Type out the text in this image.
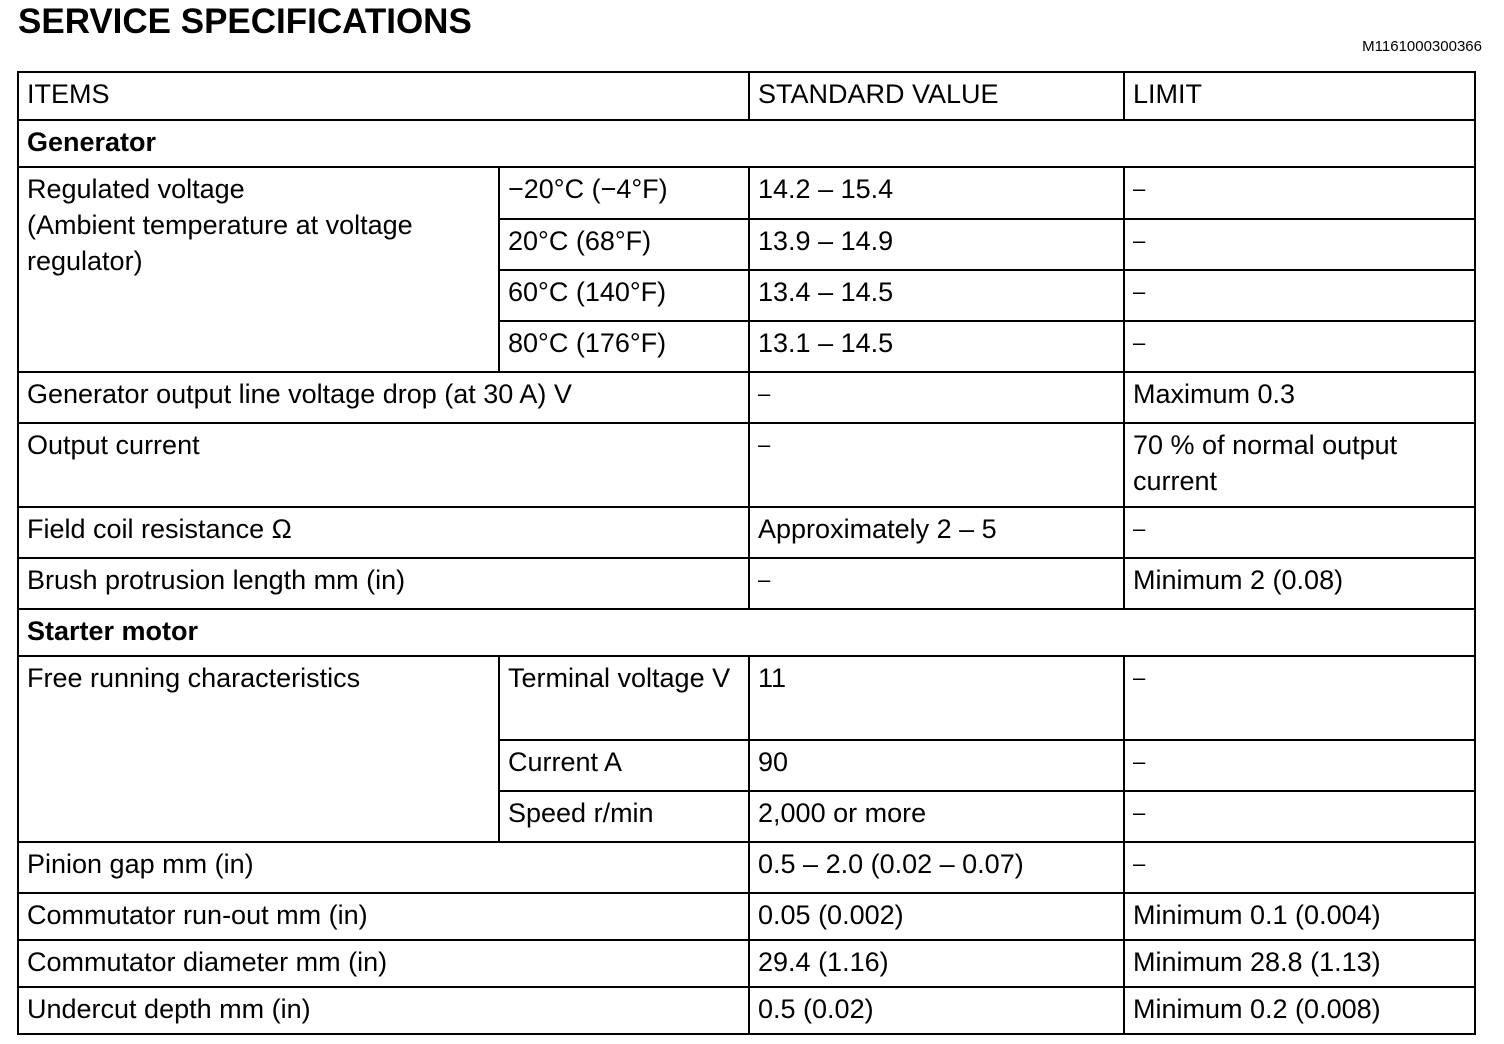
SERVICE SPECIFICATIONS
M1161000300366
ITEMS		STANDARD VALUE	LIMIT
Generator			
Regulated voltage
(Ambient temperature at voltage regulator)	−20°C (−4°F)	14.2 – 15.4	–
	20°C (68°F)	13.9 – 14.9	–
	60°C (140°F)	13.4 – 14.5	–
	80°C (176°F)	13.1 – 14.5	–
Generator output line voltage drop (at 30 A) V		–	Maximum 0.3
Output current		–	70 % of normal output current
Field coil resistance Ω		Approximately 2 – 5	–
Brush protrusion length mm (in)		–	Minimum 2 (0.08)
Starter motor			
Free running characteristics	Terminal voltage V	11	–
	Current A	90	–
	Speed r/min	2,000 or more	–
Pinion gap mm (in)		0.5 – 2.0 (0.02 – 0.07)	–
Commutator run-out mm (in)		0.05 (0.002)	Minimum 0.1 (0.004)
Commutator diameter mm (in)		29.4 (1.16)	Minimum 28.8 (1.13)
Undercut depth mm (in)		0.5 (0.02)	Minimum 0.2 (0.008)
